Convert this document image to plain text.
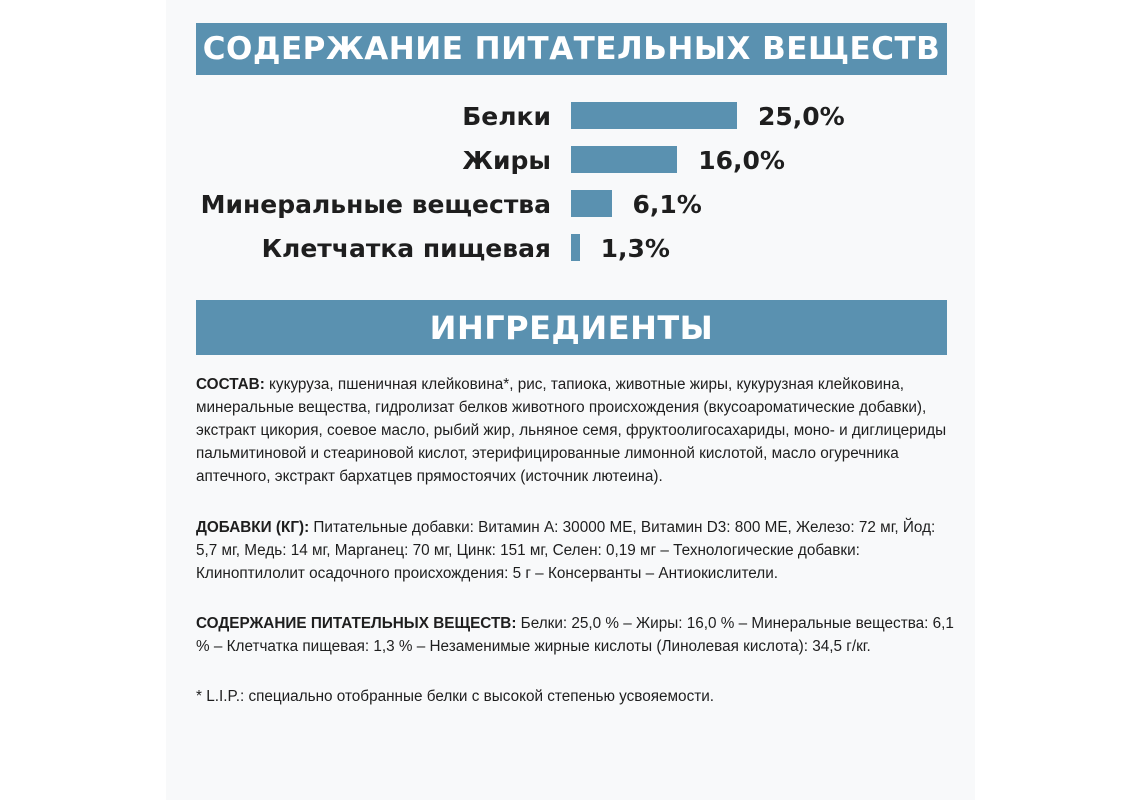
СОДЕРЖАНИЕ ПИТАТЕЛЬНЫХ ВЕЩЕСТВ
Белки	25,0%
Жиры	16,0%
Минеральные вещества	6,1%
Клетчатка пищевая 1,3%
ИНГРЕДИЕНТЫ
СОСТАВ: кукуруза, пшеничная клейковина*, рис, тапиока, животные жиры, кукурузная клейковина, минеральные вещества, гидролизат белков животного происхождения (вкусоароматические добавки), экстракт цикория, соевое масло, рыбий жир, льняное семя, фруктоолигосахариды, моно- и диглицериды пальмитиновой и стеариновой кислот, этерифицированные лимонной кислотой, масло огуречника аптечного, экстракт бархатцев прямостоячих (источник лютеина).
ДОБАВКИ (КГ): Питательные добавки: Витамин A: 30000 МЕ, Витамин D3: 800 МЕ, Железо: 72 мг, Йод: 5,7 мг, Медь: 14 мг, Марганец: 70 мг, Цинк: 151 мг, Селен: 0,19 мг – Технологические добавки: Клиноптилолит осадочного происхождения: 5 г – Консерванты – Антиокислители.
СОДЕРЖАНИЕ ПИТАТЕЛЬНЫХ ВЕЩЕСТВ: Белки: 25,0 % – Жиры: 16,0 % – Минеральные вещества: 6,1 % – Клетчатка пищевая: 1,3 % – Незаменимые жирные кислоты (Линолевая кислота): 34,5 г/кг.
* L.I.P.: специально отобранные белки с высокой степенью усвояемости.
